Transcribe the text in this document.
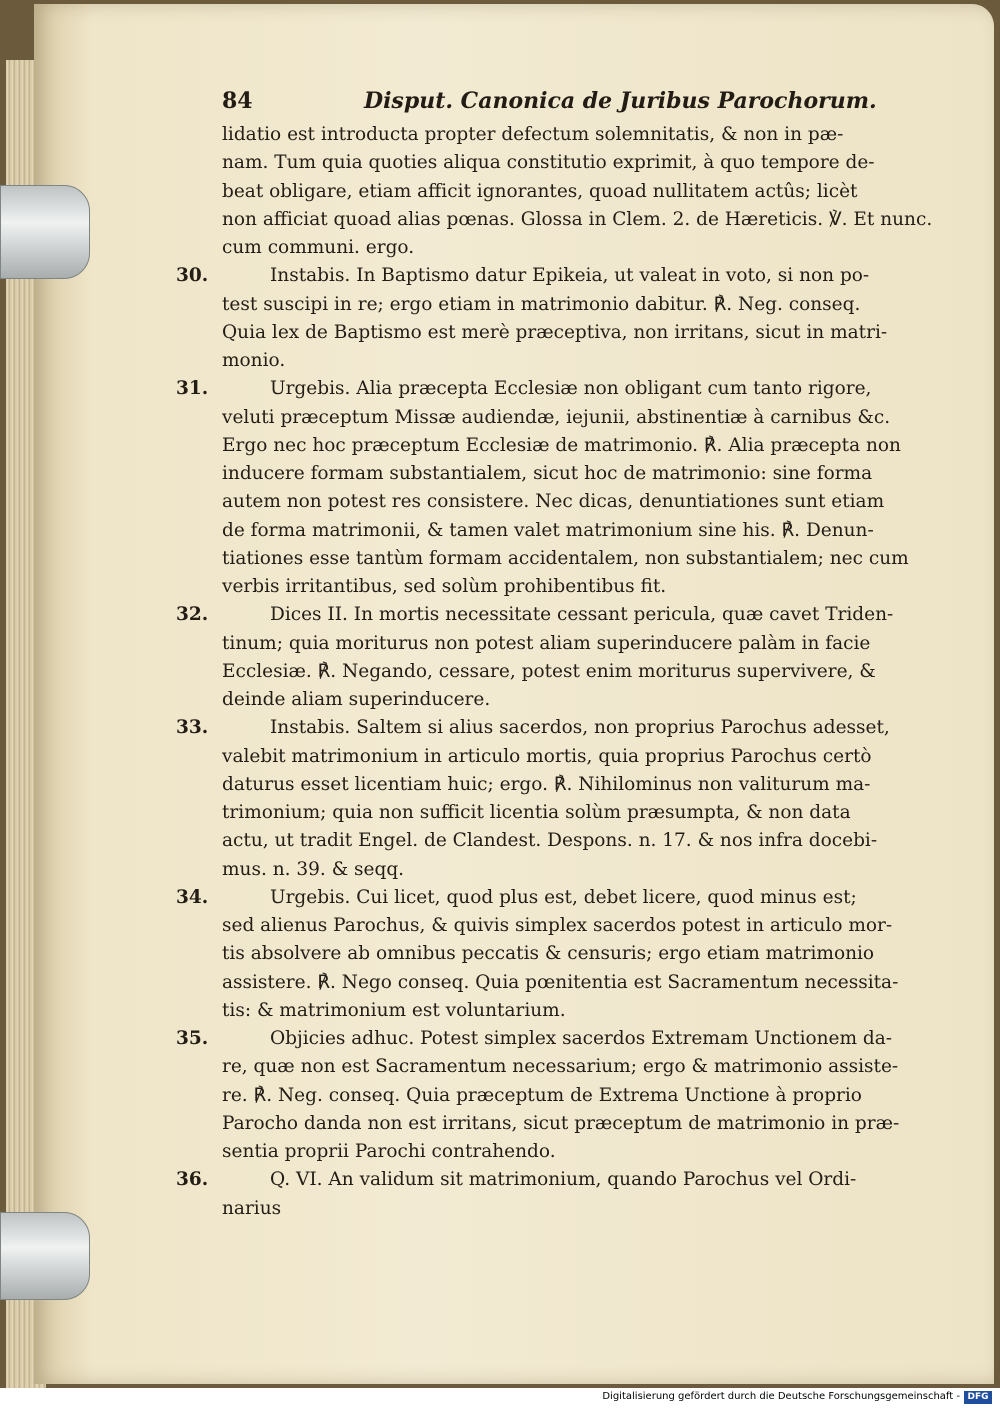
84	Disput. Canonica de Juribus Parochorum.
lidatio est introducta propter defectum solemnitatis, & non in pæ-
nam. Tum quia quoties aliqua constitutio exprimit, à quo tempore de-
beat obligare, etiam afficit ignorantes, quoad nullitatem actûs; licèt
non afficiat quoad alias pœnas. Glossa in Clem. 2. de Hæreticis. ℣. Et nunc.
cum communi. ergo.
30.	Instabis. In Baptismo datur Epikeia, ut valeat in voto, si non po-
test suscipi in re; ergo etiam in matrimonio dabitur. ℟. Neg. conseq.
Quia lex de Baptismo est merè præceptiva, non irritans, sicut in matri-
monio.
31.	Urgebis. Alia præcepta Ecclesiæ non obligant cum tanto rigore,
veluti præceptum Missæ audiendæ, iejunii, abstinentiæ à carnibus &c.
Ergo nec hoc præceptum Ecclesiæ de matrimonio. ℟. Alia præcepta non
inducere formam substantialem, sicut hoc de matrimonio: sine forma
autem non potest res consistere. Nec dicas, denuntiationes sunt etiam
de forma matrimonii, & tamen valet matrimonium sine his. ℟. Denun-
tiationes esse tantùm formam accidentalem, non substantialem; nec cum
verbis irritantibus, sed solùm prohibentibus fit.
32.	Dices II. In mortis necessitate cessant pericula, quæ cavet Triden-
tinum; quia moriturus non potest aliam superinducere palàm in facie
Ecclesiæ. ℟. Negando, cessare, potest enim moriturus supervivere, &
deinde aliam superinducere.
33.	Instabis. Saltem si alius sacerdos, non proprius Parochus adesset,
valebit matrimonium in articulo mortis, quia proprius Parochus certò
daturus esset licentiam huic; ergo. ℟. Nihilominus non valiturum ma-
trimonium; quia non sufficit licentia solùm præsumpta, & non data
actu, ut tradit Engel. de Clandest. Despons. n. 17. & nos infra docebi-
mus. n. 39. & seqq.
34.	Urgebis. Cui licet, quod plus est, debet licere, quod minus est;
sed alienus Parochus, & quivis simplex sacerdos potest in articulo mor-
tis absolvere ab omnibus peccatis & censuris; ergo etiam matrimonio
assistere. ℟. Nego conseq. Quia pœnitentia est Sacramentum necessita-
tis: & matrimonium est voluntarium.
35.	Objicies adhuc. Potest simplex sacerdos Extremam Unctionem da-
re, quæ non est Sacramentum necessarium; ergo & matrimonio assiste-
re. ℟. Neg. conseq. Quia præceptum de Extrema Unctione à proprio
Parocho danda non est irritans, sicut præceptum de matrimonio in præ-
sentia proprii Parochi contrahendo.
36.	Q. VI. An validum sit matrimonium, quando Parochus vel Ordi-
narius
Digitalisierung gefördert durch die Deutsche Forschungsgemeinschaft - DFG
